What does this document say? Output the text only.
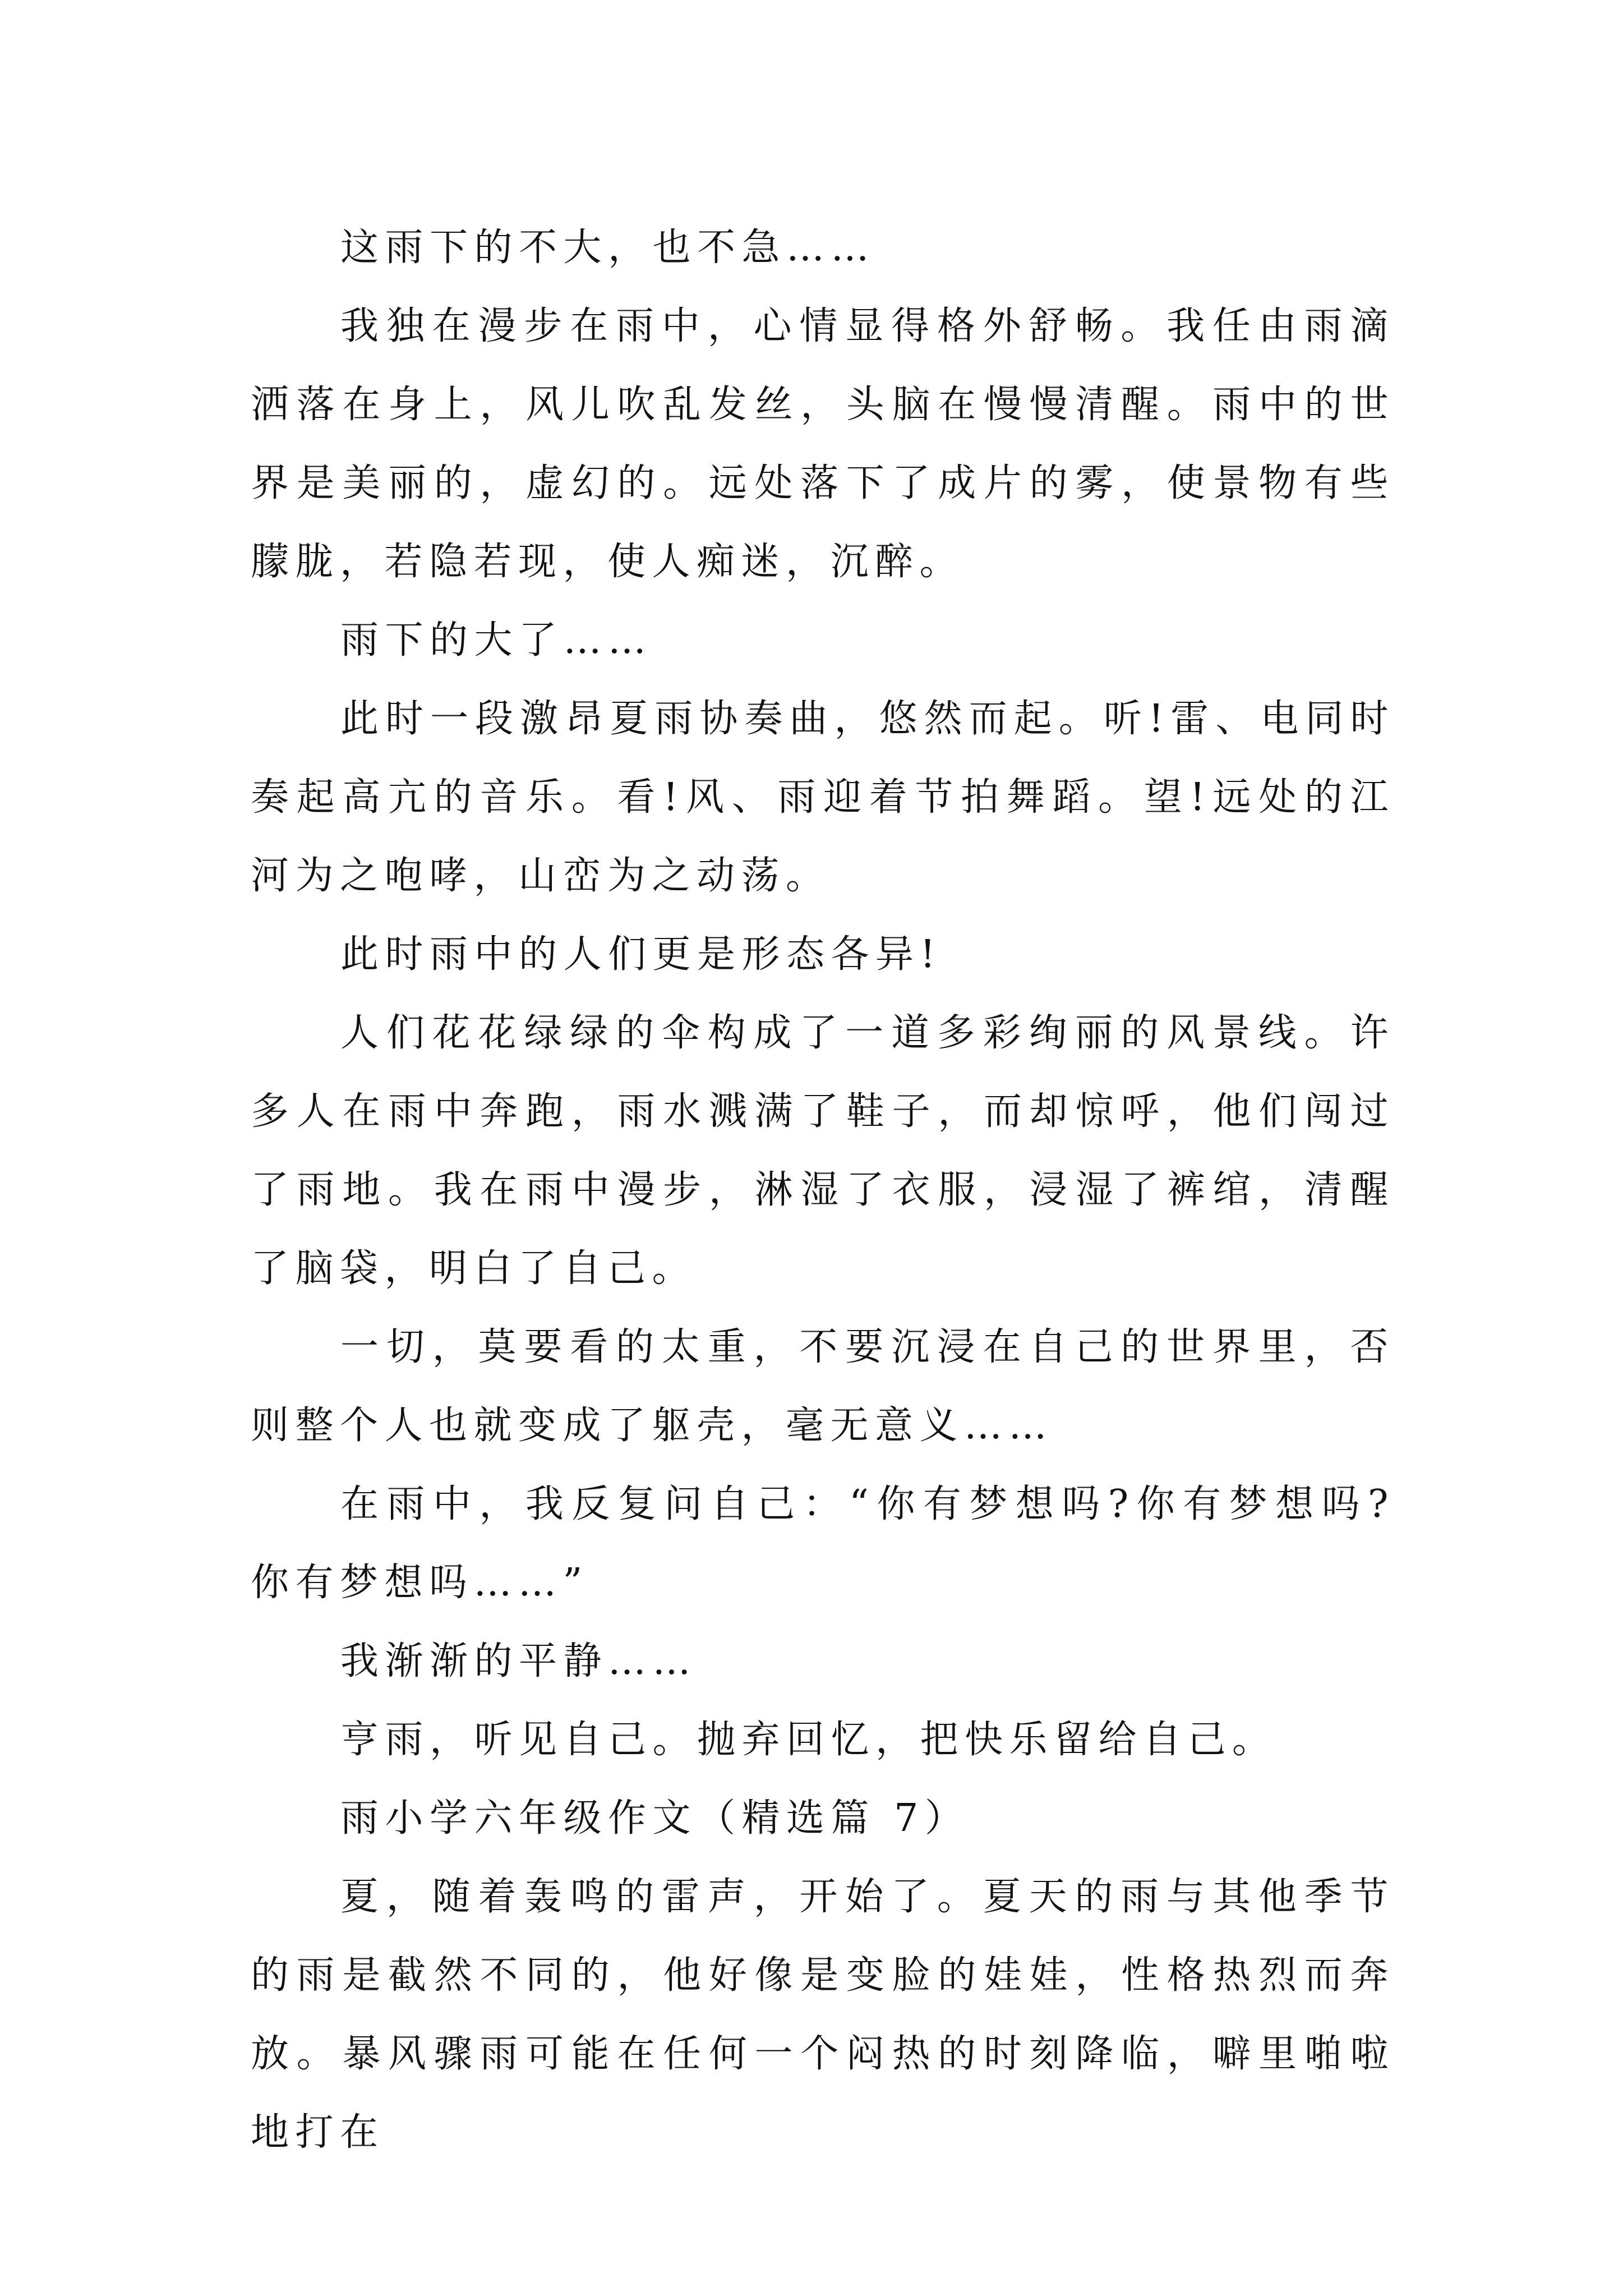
这雨下的不大，也不急……

我独在漫步在雨中，心情显得格外舒畅。我任由雨滴洒落在身上，风儿吹乱发丝，头脑在慢慢清醒。雨中的世界是美丽的，虚幻的。远处落下了成片的雾，使景物有些朦胧，若隐若现，使人痴迷，沉醉。

雨下的大了……

此时一段激昂夏雨协奏曲，悠然而起。听!雷、电同时奏起高亢的音乐。看!风、雨迎着节拍舞蹈。望!远处的江河为之咆哮，山峦为之动荡。

此时雨中的人们更是形态各异!

人们花花绿绿的伞构成了一道多彩绚丽的风景线。许多人在雨中奔跑，雨水溅满了鞋子，而却惊呼，他们闯过了雨地。我在雨中漫步，淋湿了衣服，浸湿了裤绾，清醒了脑袋，明白了自己。

一切，莫要看的太重，不要沉浸在自己的世界里，否则整个人也就变成了躯壳，毫无意义……

在雨中，我反复问自己：“你有梦想吗?你有梦想吗?你有梦想吗……”

我渐渐的平静……

亨雨，听见自己。抛弃回忆，把快乐留给自己。

雨小学六年级作文（精选篇 7）

夏，随着轰鸣的雷声，开始了。夏天的雨与其他季节的雨是截然不同的，他好像是变脸的娃娃，性格热烈而奔放。暴风骤雨可能在任何一个闷热的时刻降临，噼里啪啦地打在
